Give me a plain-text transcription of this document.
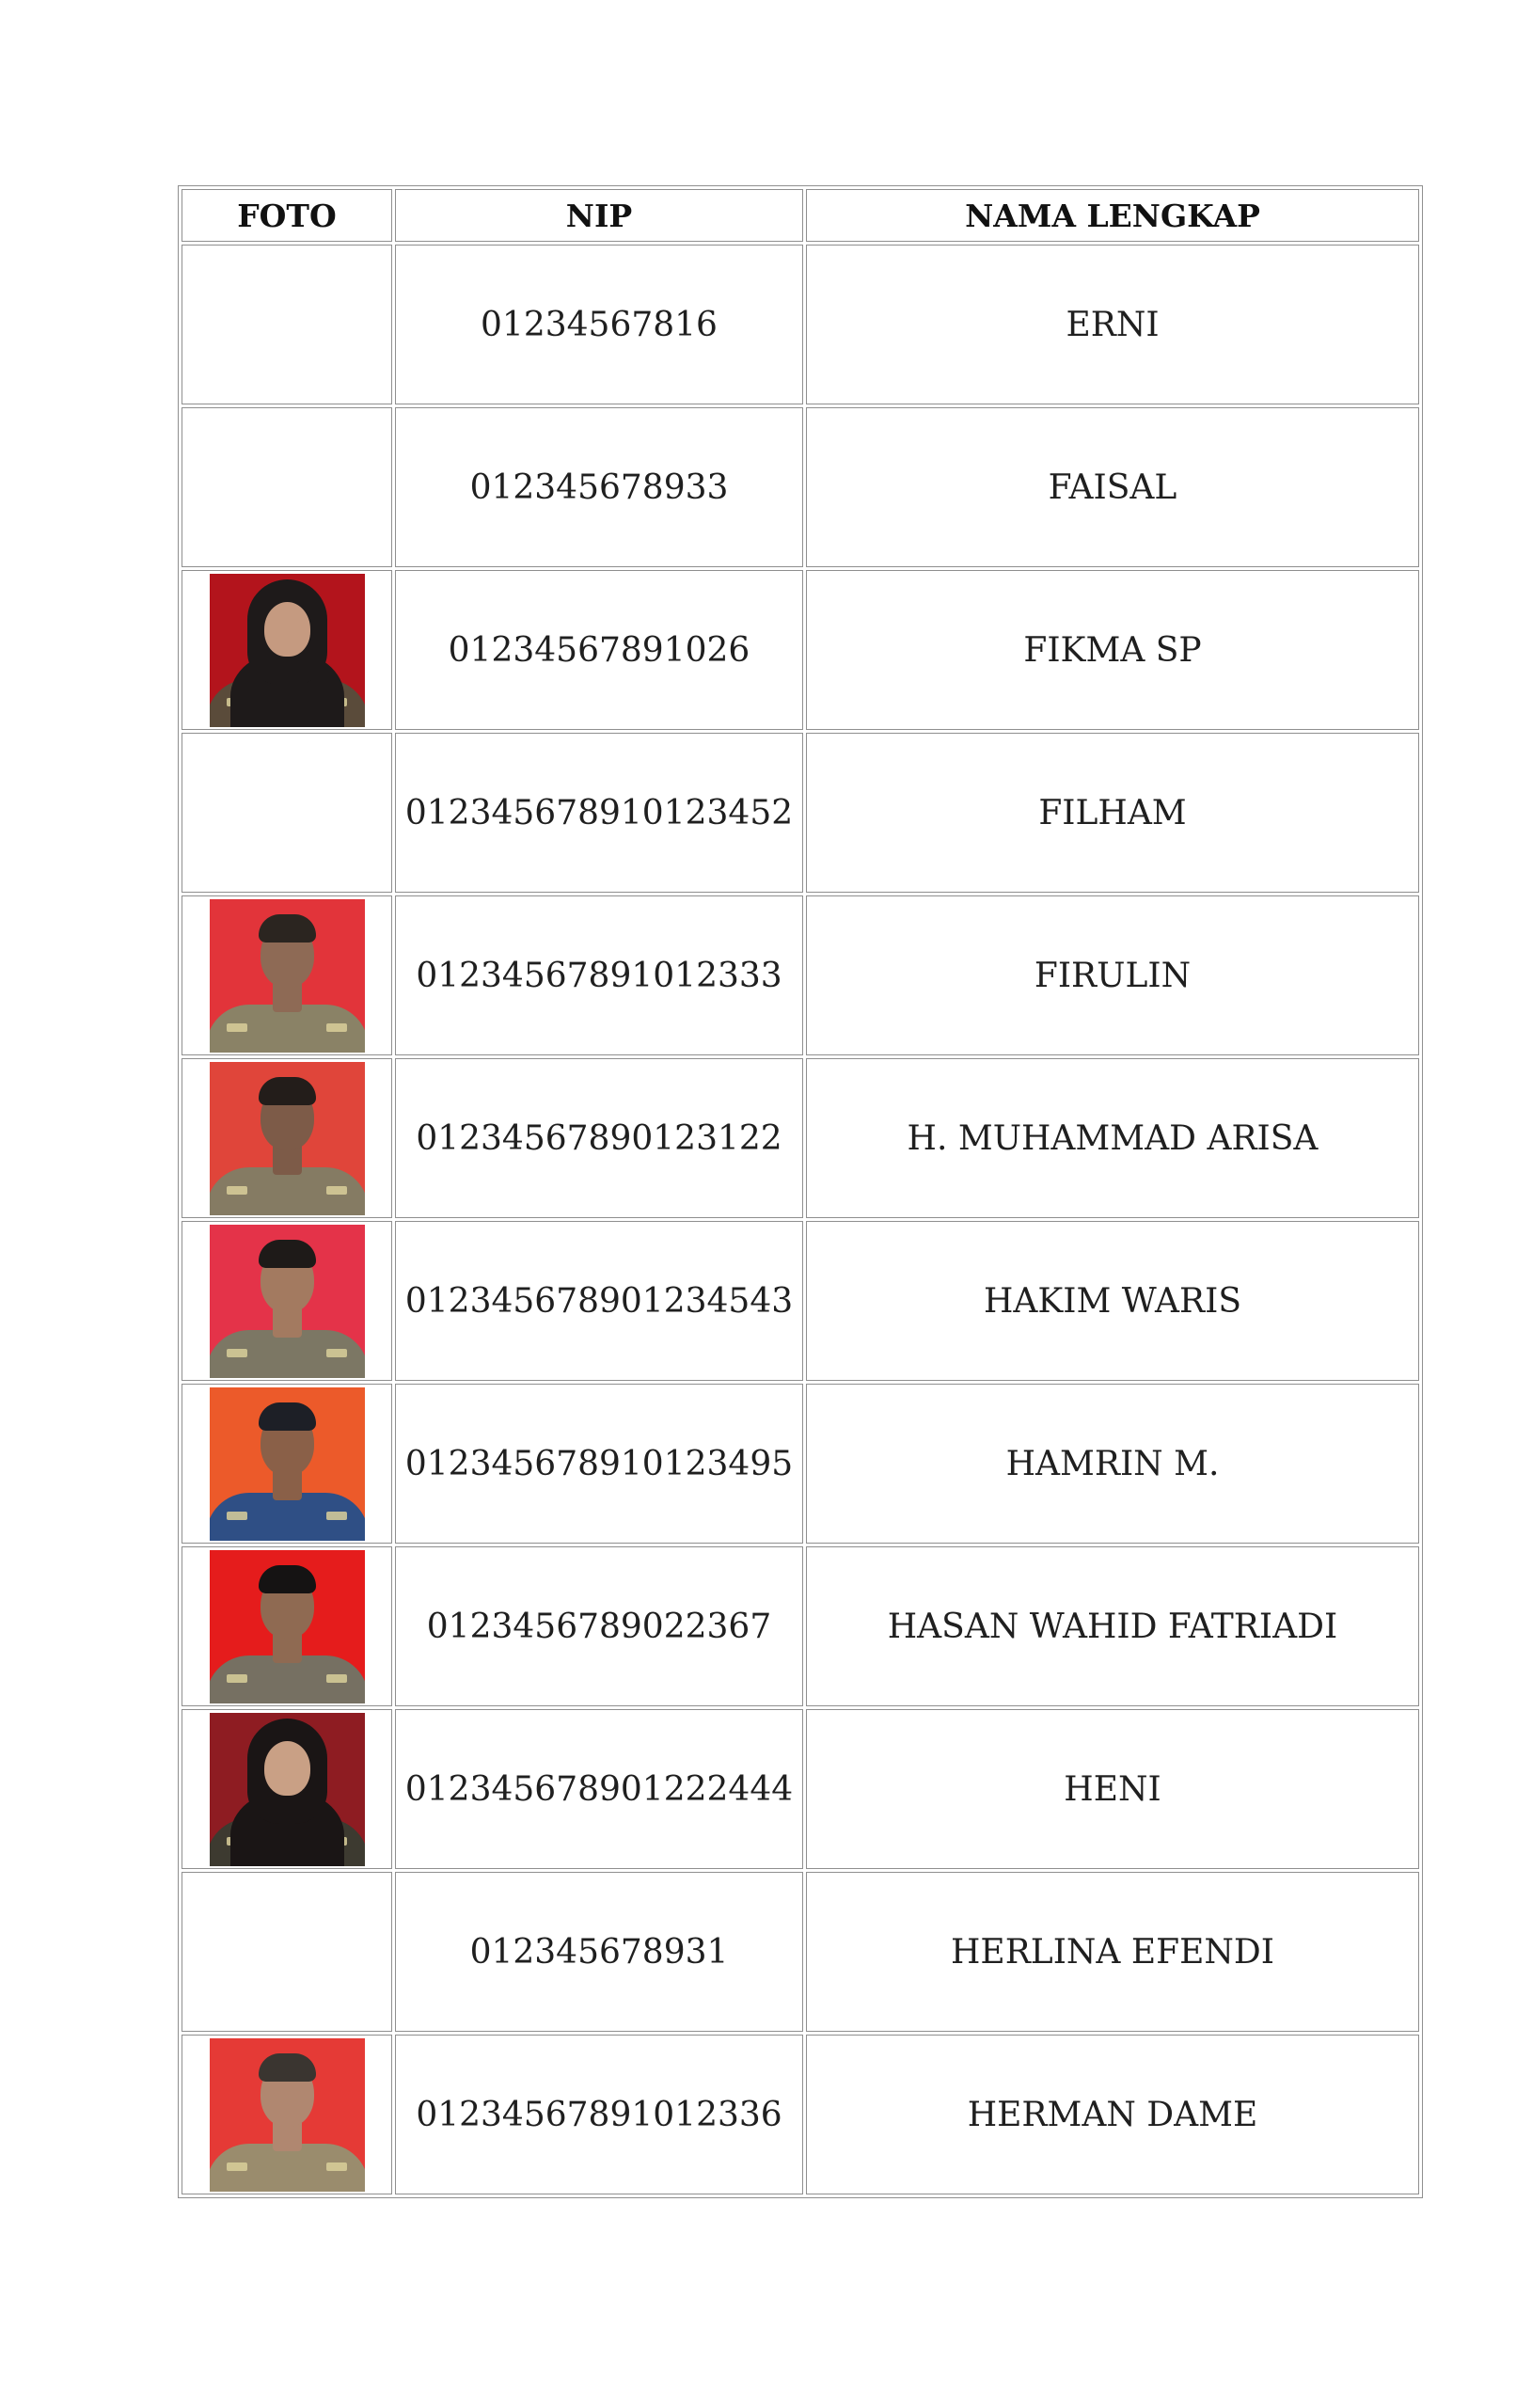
FOTO	NIP	NAMA LENGKAP
	01234567816	ERNI
	012345678933	FAISAL

	01234567891026	FIKMA SP
	012345678910123452	FILHAM

	01234567891012333	FIRULIN

	01234567890123122	H. MUHAMMAD ARISA

	012345678901234543	HAKIM WARIS

	012345678910123495	HAMRIN M.

	0123456789022367	HASAN WAHID FATRIADI

	012345678901222444	HENI
	012345678931	HERLINA EFENDI

	01234567891012336	HERMAN DAME
